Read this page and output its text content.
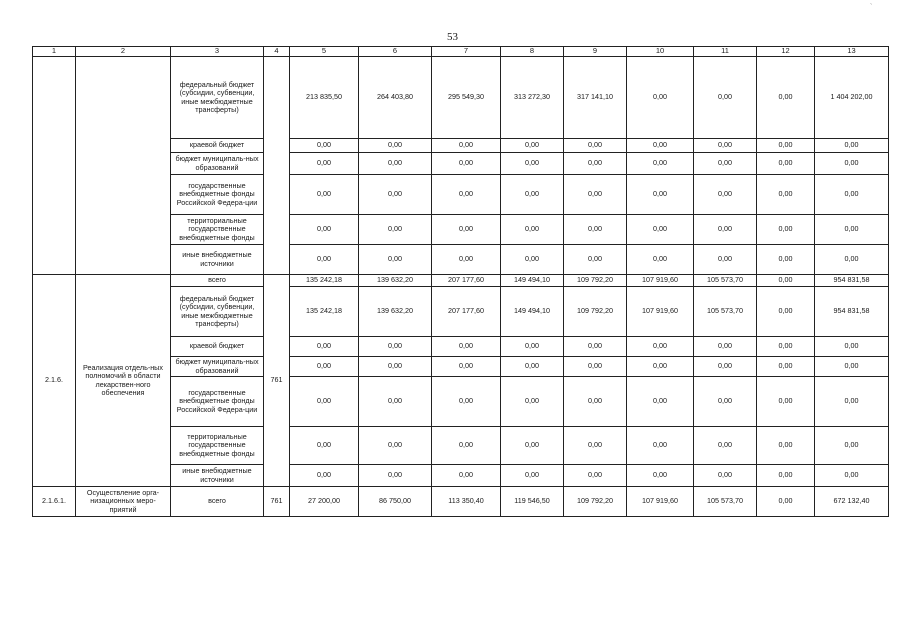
`
53
1	2	3	4	5	6	7	8	9	10	11	12	13
		федеральный бюджет (субсидии, субвенции, иные межбюджетные трансферты)		213 835,50	264 403,80	295 549,30	313 272,30	317 141,10	0,00	0,00	0,00	1 404 202,00
		краевой бюджет		0,00	0,00	0,00	0,00	0,00	0,00	0,00	0,00	0,00
		бюджет муниципаль-ных образований		0,00	0,00	0,00	0,00	0,00	0,00	0,00	0,00	0,00
		государственные внебюджетные фонды Российской Федера-ции		0,00	0,00	0,00	0,00	0,00	0,00	0,00	0,00	0,00
		территориальные государственные внебюджетные фонды		0,00	0,00	0,00	0,00	0,00	0,00	0,00	0,00	0,00
		иные внебюджетные источники		0,00	0,00	0,00	0,00	0,00	0,00	0,00	0,00	0,00
2.1.6.	Реализация отдель-ных полномочий в области лекарствен-ного обеспечения	всего	761	135 242,18	139 632,20	207 177,60	149 494,10	109 792,20	107 919,60	105 573,70	0,00	954 831,58
		федеральный бюджет (субсидии, субвенции, иные межбюджетные трансферты)		135 242,18	139 632,20	207 177,60	149 494,10	109 792,20	107 919,60	105 573,70	0,00	954 831,58
		краевой бюджет		0,00	0,00	0,00	0,00	0,00	0,00	0,00	0,00	0,00
		бюджет муниципаль-ных образований		0,00	0,00	0,00	0,00	0,00	0,00	0,00	0,00	0,00
		государственные внебюджетные фонды Российской Федера-ции		0,00	0,00	0,00	0,00	0,00	0,00	0,00	0,00	0,00
		территориальные государственные внебюджетные фонды		0,00	0,00	0,00	0,00	0,00	0,00	0,00	0,00	0,00
		иные внебюджетные источники		0,00	0,00	0,00	0,00	0,00	0,00	0,00	0,00	0,00
2.1.6.1.	Осуществление орга-низационных меро-приятий	всего	761	27 200,00	86 750,00	113 350,40	119 546,50	109 792,20	107 919,60	105 573,70	0,00	672 132,40
